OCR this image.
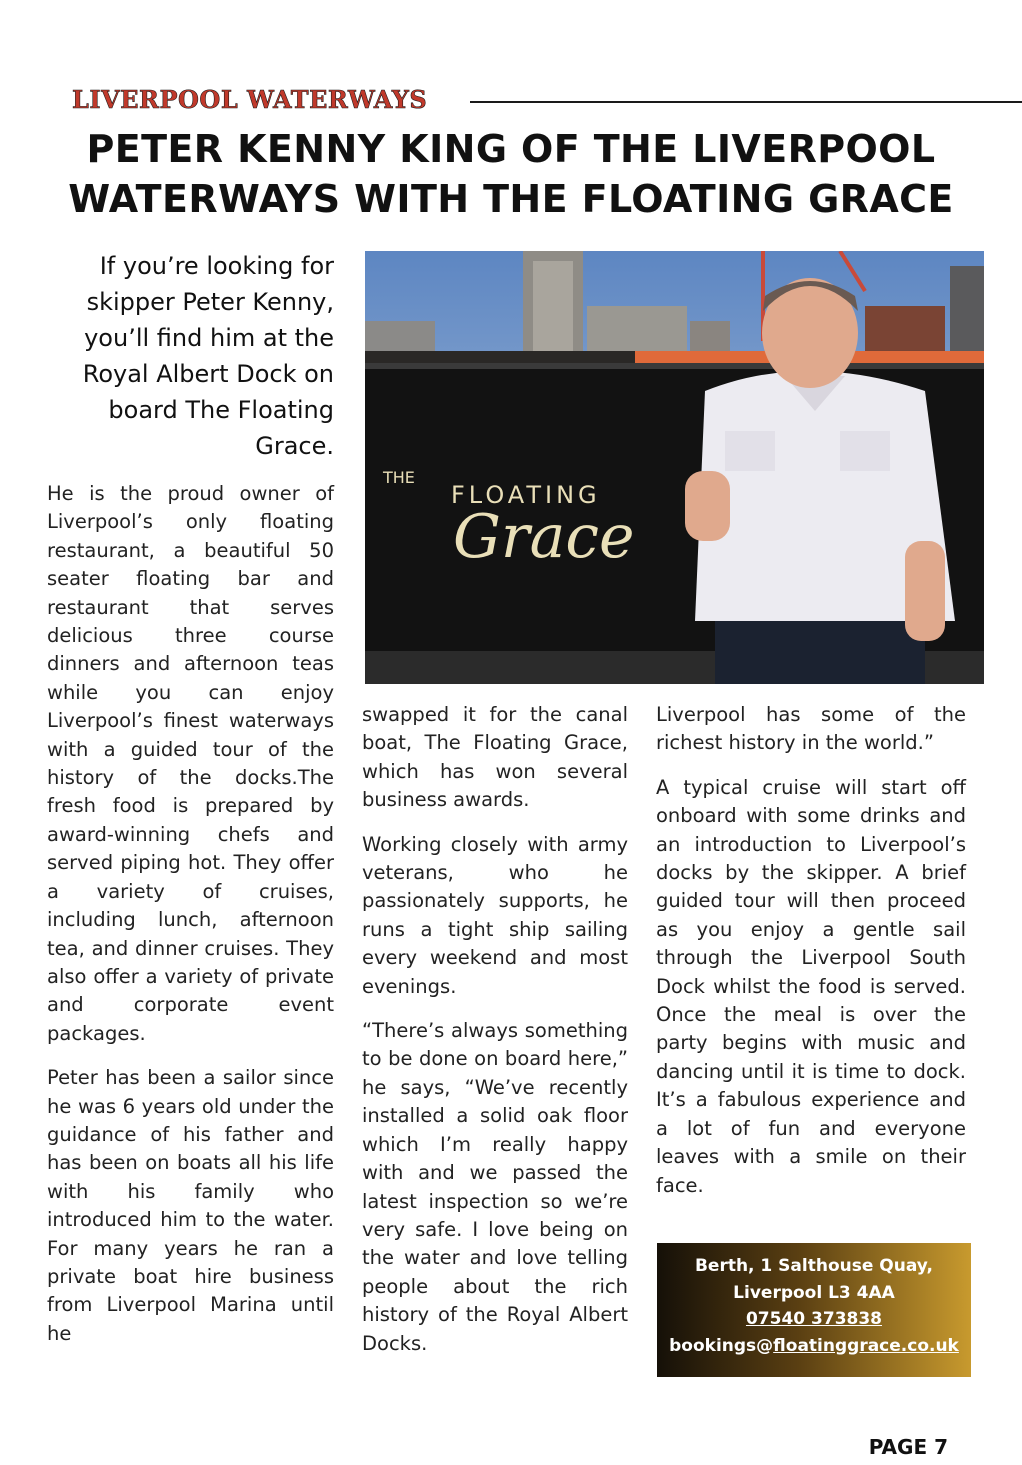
LIVERPOOL WATERWAYS
PETER KENNY KING OF THE LIVERPOOL
WATERWAYS WITH THE FLOATING GRACE

If you’re looking for skipper Peter Kenny, you’ll find him at the Royal Albert Dock on board The Floating Grace.

He is the proud owner of Liverpool’s only floating restaurant, a beautiful 50 seater floating bar and restaurant that serves delicious three course dinners and afternoon teas while you can enjoy Liverpool’s finest waterways with a guided tour of the history of the docks.The fresh food is prepared by award-winning chefs and served piping hot. They offer a variety of cruises, including lunch, afternoon tea, and dinner cruises. They also offer a variety of private and corporate event packages.

Peter has been a sailor since he was 6 years old under the guidance of his father and has been on boats all his life with his family who introduced him to the water. For many years he ran a private boat hire business from Liverpool Marina until he

THE
FLOATING
Grace

swapped it for the canal boat, The Floating Grace, which has won several business awards.

Working closely with army veterans, who he passionately supports, he runs a tight ship sailing every weekend and most evenings.

“There’s always something to be done on board here,” he says, “We’ve recently installed a solid oak floor which I’m really happy with and we passed the latest inspection so we’re very safe. I love being on the water and love telling people about the rich history of the Royal Albert Docks.

Liverpool has some of the richest history in the world.”

A typical cruise will start off onboard with some drinks and an introduction to Liverpool’s docks by the skipper. A brief guided tour will then proceed as you enjoy a gentle sail through the Liverpool South Dock whilst the food is served. Once the meal is over the party begins with music and dancing until it is time to dock. It’s a fabulous experience and a lot of fun and everyone leaves with a smile on their face.

Berth, 1 Salthouse Quay,
Liverpool L3 4AA
07540 373838
bookings@floatinggrace.co.uk
PAGE 7
